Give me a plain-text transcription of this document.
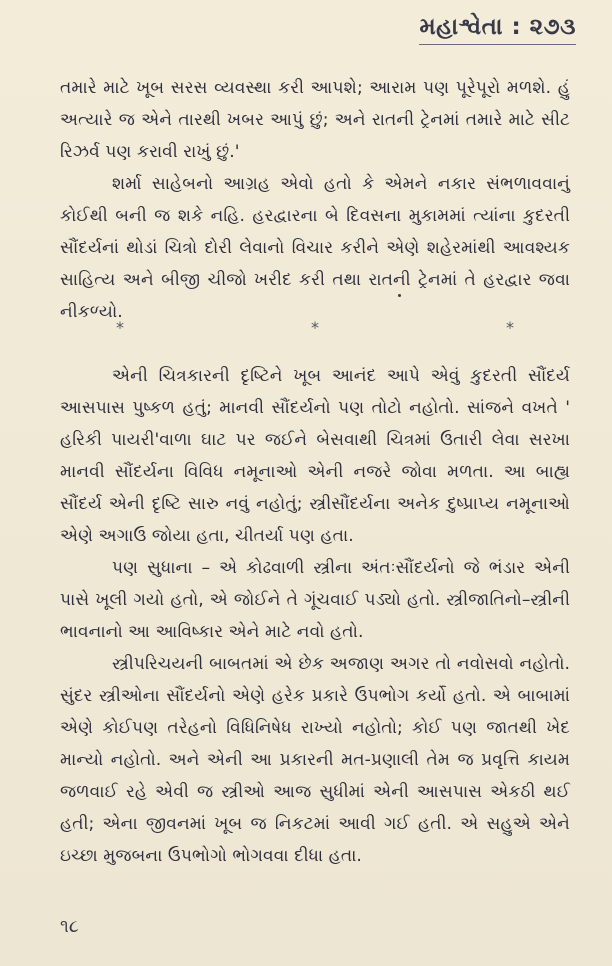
મહાશ્વેતા : ૨૭૩

તમારે માટે ખૂબ સરસ વ્યવસ્થા કરી આપશે; આરામ પણ પૂરેપૂરો મળશે. હું અત્યારે જ એને તારથી ખબર આપું છું; અને રાતની ટ્રેનમાં તમારે માટે સીટ રિઝર્વ પણ કરાવી રાખું છું.'

શર્મા સાહેબનો આગ્રહ એવો હતો કે એમને નકાર સંભળાવવાનું કોઈથી બની જ શકે નહિ. હરદ્વારના બે દિવસના મુકામમાં ત્યાંના કુદરતી સૌંદર્યનાં થોડાં ચિત્રો દોરી લેવાનો વિચાર કરીને એણે શહેરમાંથી આવશ્યક સાહિત્ય અને બીજી ચીજો ખરીદ કરી તથા રાતની ટ્રેનમાં તે હરદ્વાર જવા નીકળ્યો.

*	*	*

એની ચિત્રકારની દૃષ્ટિને ખૂબ આનંદ આપે એવું કુદરતી સૌંદર્ય આસપાસ પુષ્કળ હતું; માનવી સૌંદર્યનો પણ તોટો નહોતો. સાંજને વખતે ' હરિકી પાયરી'વાળા ઘાટ પર જઈને બેસવાથી ચિત્રમાં ઉતારી લેવા સરખા માનવી સૌંદર્યના વિવિધ નમૂનાઓ એની નજરે જોવા મળતા. આ બાહ્ય સૌંદર્ય એની દૃષ્ટિ સારુ નવું નહોતું; સ્ત્રીસૌંદર્યના અનેક દુષ્પ્રાપ્ય નમૂનાઓ એણે અગાઉ જોયા હતા, ચીતર્યા પણ હતા.

પણ સુધાના – એ કોઢવાળી સ્ત્રીના અંતઃસૌંદર્યનો જે ભંડાર એની પાસે ખૂલી ગયો હતો, એ જોઈને તે ગૂંચવાઈ પડ્યો હતો. સ્ત્રીજાતિનો–સ્ત્રીની ભાવનાનો આ આવિષ્કાર એને માટે નવો હતો.

સ્ત્રીપરિચયની બાબતમાં એ છેક અજાણ અગર તો નવોસવો નહોતો. સુંદર સ્ત્રીઓના સૌંદર્યનો એણે હરેક પ્રકારે ઉપભોગ કર્યો હતો. એ બાબામાં એણે કોઈપણ તરેહનો વિધિનિષેધ રાખ્યો નહોતો; કોઈ પણ જાતથી ખેદ માન્યો નહોતો. અને એની આ પ્રકારની મત-પ્રણાલી તેમ જ પ્રવૃત્તિ કાયમ જળવાઈ રહે એવી જ સ્ત્રીઓ આજ સુધીમાં એની આસપાસ એકઠી થઈ હતી; એના જીવનમાં ખૂબ જ નિકટમાં આવી ગઈ હતી. એ સહુએ એને ઇચ્છા મુજબના ઉપભોગો ભોગવવા દીધા હતા.

૧૮
